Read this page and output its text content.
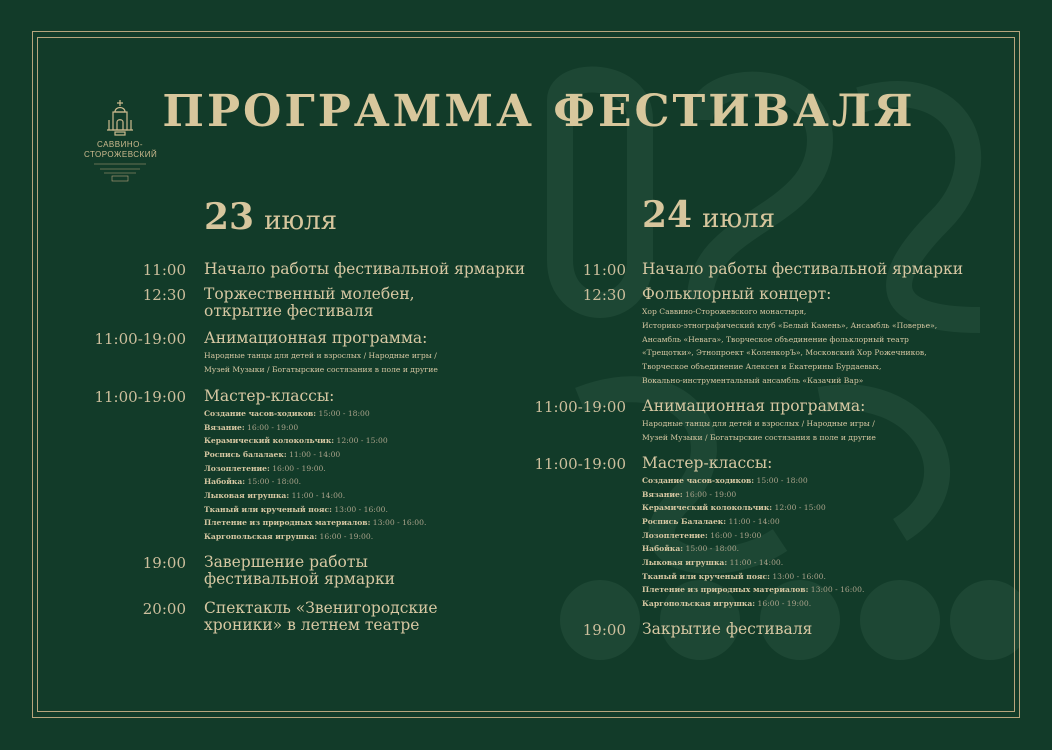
САВВИНО-
СТОРОЖЕВСКИЙ
ПРОГРАММА ФЕСТИВАЛЯ
23 июля	24 июля
11:00 Начало работы фестивальной ярмарки
12:30 Торжественный молебен,
открытие фестиваля
11:00-19:00 Анимационная программа:
Народные танцы для детей и взрослых / Народные игры /
Музей Музыки / Богатырские состязания в поле и другие
11:00-19:00 Мастер-классы:
Создание часов-ходиков: 15:00 - 18:00
Вязание: 16:00 - 19:00
Керамический колокольчик: 12:00 - 15:00
Роспись балалаек: 11:00 - 14:00
Лозоплетение: 16:00 - 19:00.
Набойка: 15:00 - 18:00.
Лыковая игрушка: 11:00 - 14:00.
Тканый или крученый пояс: 13:00 - 16:00.
Плетение из природных материалов: 13:00 - 16:00.
Каргопольская игрушка: 16:00 - 19:00.
19:00 Завершение работы
фестивальной ярмарки
20:00 Спектакль «Звенигородские
хроники» в летнем театре
11:00 Начало работы фестивальной ярмарки
12:30 Фольклорный концерт:
Хор Саввино-Сторожевского монастыря,
Историко-этнографический клуб «Белый Камень», Ансамбль «Поверье»,
Ансамбль «Невага», Творческое объединение фольклорный театр
«Трещотки», Этнопроект «КоленкорЪ», Московский Хор Рожечников,
Творческое объединение Алексея и Екатерины Бурдаевых,
Вокально-инструментальный ансамбль «Казачий Вар»
11:00-19:00 Анимационная программа:
Народные танцы для детей и взрослых / Народные игры /
Музей Музыки / Богатырские состязания в поле и другие
11:00-19:00 Мастер-классы:
Создание часов-ходиков: 15:00 - 18:00
Вязание: 16:00 - 19:00
Керамический колокольчик: 12:00 - 15:00
Роспись Балалаек: 11:00 - 14:00
Лозоплетение: 16:00 - 19:00
Набойка: 15:00 - 18:00.
Лыковая игрушка: 11:00 - 14:00.
Тканый или крученый пояс: 13:00 - 16:00.
Плетение из природных материалов: 13:00 - 16:00.
Каргопольская игрушка: 16:00 - 19:00.
19:00 Закрытие фестиваля
